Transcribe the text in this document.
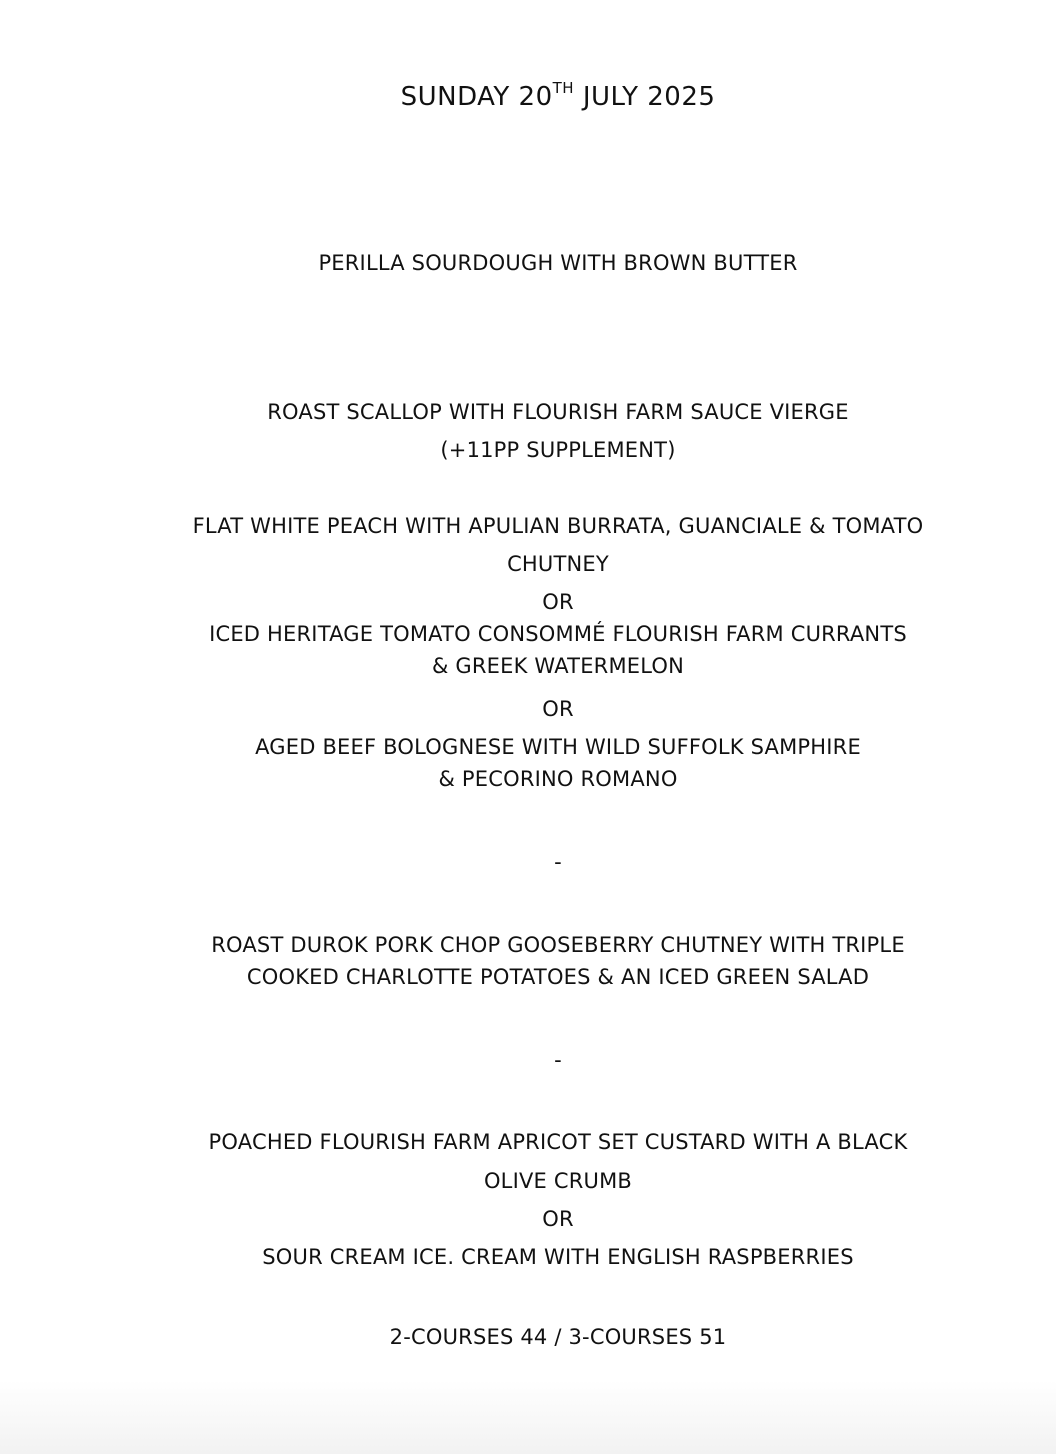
SUNDAY 20TH JULY 2025
PERILLA SOURDOUGH WITH BROWN BUTTER
ROAST SCALLOP WITH FLOURISH FARM SAUCE VIERGE
(+11PP SUPPLEMENT)
FLAT WHITE PEACH WITH APULIAN BURRATA, GUANCIALE & TOMATO
CHUTNEY
OR
ICED HERITAGE TOMATO CONSOMMÉ FLOURISH FARM CURRANTS
& GREEK WATERMELON
OR
AGED BEEF BOLOGNESE WITH WILD SUFFOLK SAMPHIRE
& PECORINO ROMANO
-
ROAST DUROK PORK CHOP GOOSEBERRY CHUTNEY WITH TRIPLE
COOKED CHARLOTTE POTATOES & AN ICED GREEN SALAD
-
POACHED FLOURISH FARM APRICOT SET CUSTARD WITH A BLACK
OLIVE CRUMB
OR
SOUR CREAM ICE. CREAM WITH ENGLISH RASPBERRIES
2-COURSES 44 / 3-COURSES 51
